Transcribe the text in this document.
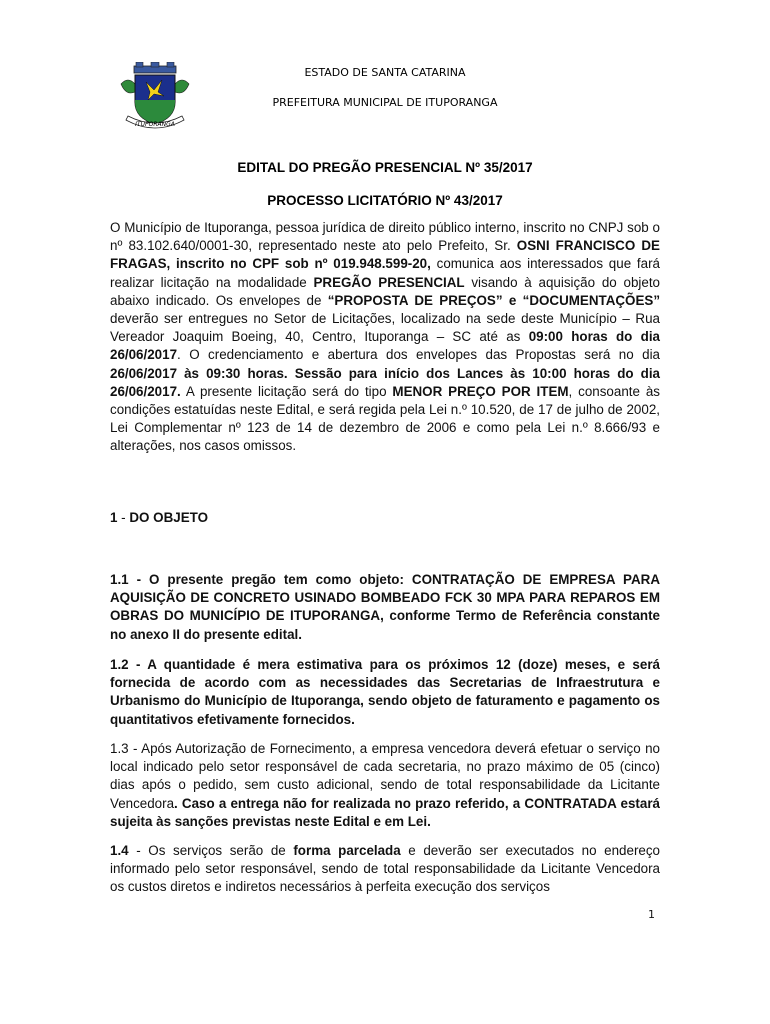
ITUPORANGA
ESTADO DE SANTA CATARINA
PREFEITURA MUNICIPAL DE ITUPORANGA
EDITAL DO PREGÃO PRESENCIAL Nº 35/2017
PROCESSO LICITATÓRIO Nº 43/2017
O Município de Ituporanga, pessoa jurídica de direito público interno, inscrito no CNPJ sob o nº 83.102.640/0001-30, representado neste ato pelo Prefeito, Sr. OSNI FRANCISCO DE FRAGAS, inscrito no CPF sob nº 019.948.599-20, comunica aos interessados que fará realizar licitação na modalidade PREGÃO PRESENCIAL visando à aquisição do objeto abaixo indicado. Os envelopes de “PROPOSTA DE PREÇOS” e “DOCUMENTAÇÕES” deverão ser entregues no Setor de Licitações, localizado na sede deste Município – Rua Vereador Joaquim Boeing, 40, Centro, Ituporanga – SC até as 09:00 horas do dia 26/06/2017. O credenciamento e abertura dos envelopes das Propostas será no dia 26/06/2017 às 09:30 horas. Sessão para início dos Lances às 10:00 horas do dia 26/06/2017. A presente licitação será do tipo MENOR PREÇO POR ITEM, consoante às condições estatuídas neste Edital, e será regida pela Lei n.º 10.520, de 17 de julho de 2002, Lei Complementar nº 123 de 14 de dezembro de 2006 e como pela Lei n.º 8.666/93 e alterações, nos casos omissos.
1 - DO OBJETO
1.1 - O presente pregão tem como objeto: CONTRATAÇÃO DE EMPRESA PARA AQUISIÇÃO DE CONCRETO USINADO BOMBEADO FCK 30 MPA PARA REPAROS EM OBRAS DO MUNICÍPIO DE ITUPORANGA, conforme Termo de Referência constante no anexo II do presente edital.
1.2 - A quantidade é mera estimativa para os próximos 12 (doze) meses, e será fornecida de acordo com as necessidades das Secretarias de Infraestrutura e Urbanismo do Município de Ituporanga, sendo objeto de faturamento e pagamento os quantitativos efetivamente fornecidos.
1.3 - Após Autorização de Fornecimento, a empresa vencedora deverá efetuar o serviço no local indicado pelo setor responsável de cada secretaria, no prazo máximo de 05 (cinco) dias após o pedido, sem custo adicional, sendo de total responsabilidade da Licitante Vencedora. Caso a entrega não for realizada no prazo referido, a CONTRATADA estará sujeita às sanções previstas neste Edital e em Lei.
1.4 - Os serviços serão de forma parcelada e deverão ser executados no endereço informado pelo setor responsável, sendo de total responsabilidade da Licitante Vencedora os custos diretos e indiretos necessários à perfeita execução dos serviços
1
